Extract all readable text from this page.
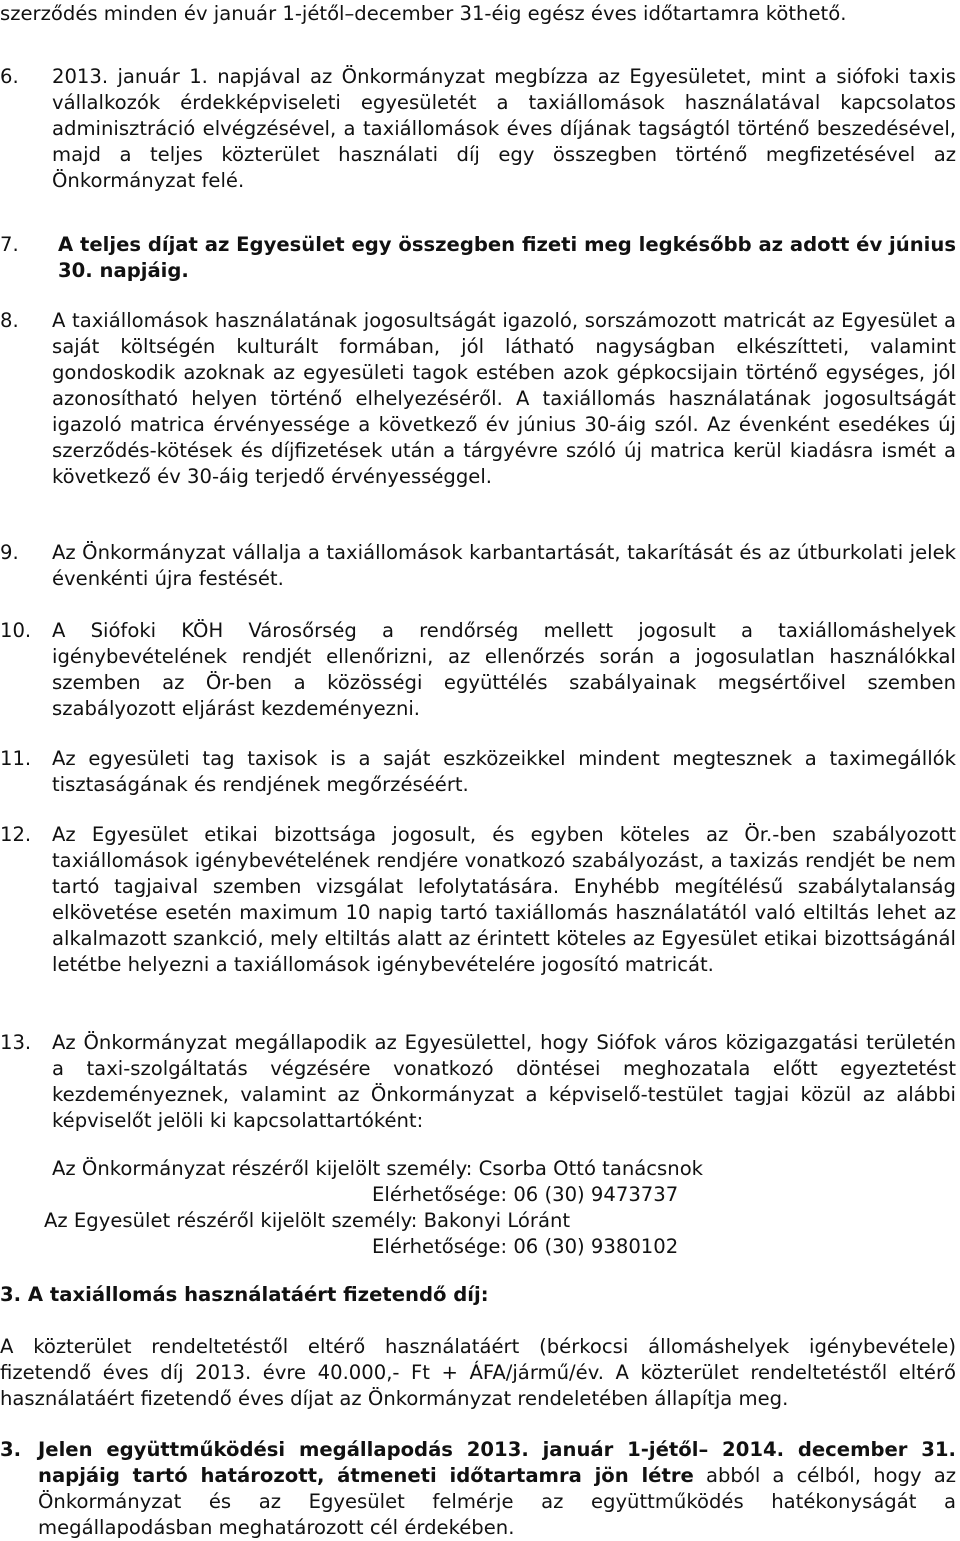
szerződés minden év január 1-jétől–december 31-éig egész éves időtartamra köthető.
6. 2013. január 1. napjával az Önkormányzat megbízza az Egyesületet, mint a siófoki taxis vállalkozók érdekképviseleti egyesületét a taxiállomások használatával kapcsolatos adminisztráció elvégzésével, a taxiállomások éves díjának tagságtól történő beszedésével, majd a teljes közterület használati díj egy összegben történő megfizetésével az Önkormányzat felé.
7. A teljes díjat az Egyesület egy összegben fizeti meg legkésőbb az adott év június 30. napjáig.
8. A taxiállomások használatának jogosultságát igazoló, sorszámozott matricát az Egyesület a saját költségén kulturált formában, jól látható nagyságban elkészítteti, valamint gondoskodik azoknak az egyesületi tagok estében azok gépkocsijain történő egységes, jól azonosítható helyen történő elhelyezéséről. A taxiállomás használatának jogosultságát igazoló matrica érvényessége a következő év június 30-áig szól. Az évenként esedékes új szerződés-kötések és díjfizetések után a tárgyévre szóló új matrica kerül kiadásra ismét a következő év 30-áig terjedő érvényességgel.
9. Az Önkormányzat vállalja a taxiállomások karbantartását, takarítását és az útburkolati jelek évenkénti újra festését.
10. A Siófoki KÖH Városőrség a rendőrség mellett jogosult a taxiállomáshelyek igénybevételének rendjét ellenőrizni, az ellenőrzés során a jogosulatlan használókkal szemben az Ör-ben a közösségi együttélés szabályainak megsértőivel szemben szabályozott eljárást kezdeményezni.
11. Az egyesületi tag taxisok is a saját eszközeikkel mindent megtesznek a taximegállók tisztaságának és rendjének megőrzéséért.
12. Az Egyesület etikai bizottsága jogosult, és egyben köteles az Ör.-ben szabályozott taxiállomások igénybevételének rendjére vonatkozó szabályozást, a taxizás rendjét be nem tartó tagjaival szemben vizsgálat lefolytatására. Enyhébb megítélésű szabálytalanság elkövetése esetén maximum 10 napig tartó taxiállomás használatától való eltiltás lehet az alkalmazott szankció, mely eltiltás alatt az érintett köteles az Egyesület etikai bizottságánál letétbe helyezni a taxiállomások igénybevételére jogosító matricát.
13. Az Önkormányzat megállapodik az Egyesülettel, hogy Siófok város közigazgatási területén a taxi-szolgáltatás végzésére vonatkozó döntései meghozatala előtt egyeztetést kezdeményeznek, valamint az Önkormányzat a képviselő-testület tagjai közül az alábbi képviselőt jelöli ki kapcsolattartóként:
Az Önkormányzat részéről kijelölt személy: Csorba Ottó tanácsnok
Elérhetősége: 06 (30) 9473737
Az Egyesület részéről kijelölt személy: Bakonyi Lóránt
Elérhetősége: 06 (30) 9380102
3. A taxiállomás használatáért fizetendő díj:
A közterület rendeltetéstől eltérő használatáért (bérkocsi állomáshelyek igénybevétele) fizetendő éves díj 2013. évre 40.000,- Ft + ÁFA/jármű/év. A közterület rendeltetéstől eltérő használatáért fizetendő éves díjat az Önkormányzat rendeletében állapítja meg.
3. Jelen együttműködési megállapodás 2013. január 1-jétől– 2014. december 31. napjáig tartó határozott, átmeneti időtartamra jön létre abból a célból, hogy az Önkormányzat és az Egyesület felmérje az együttműködés hatékonyságát a megállapodásban meghatározott cél érdekében.
